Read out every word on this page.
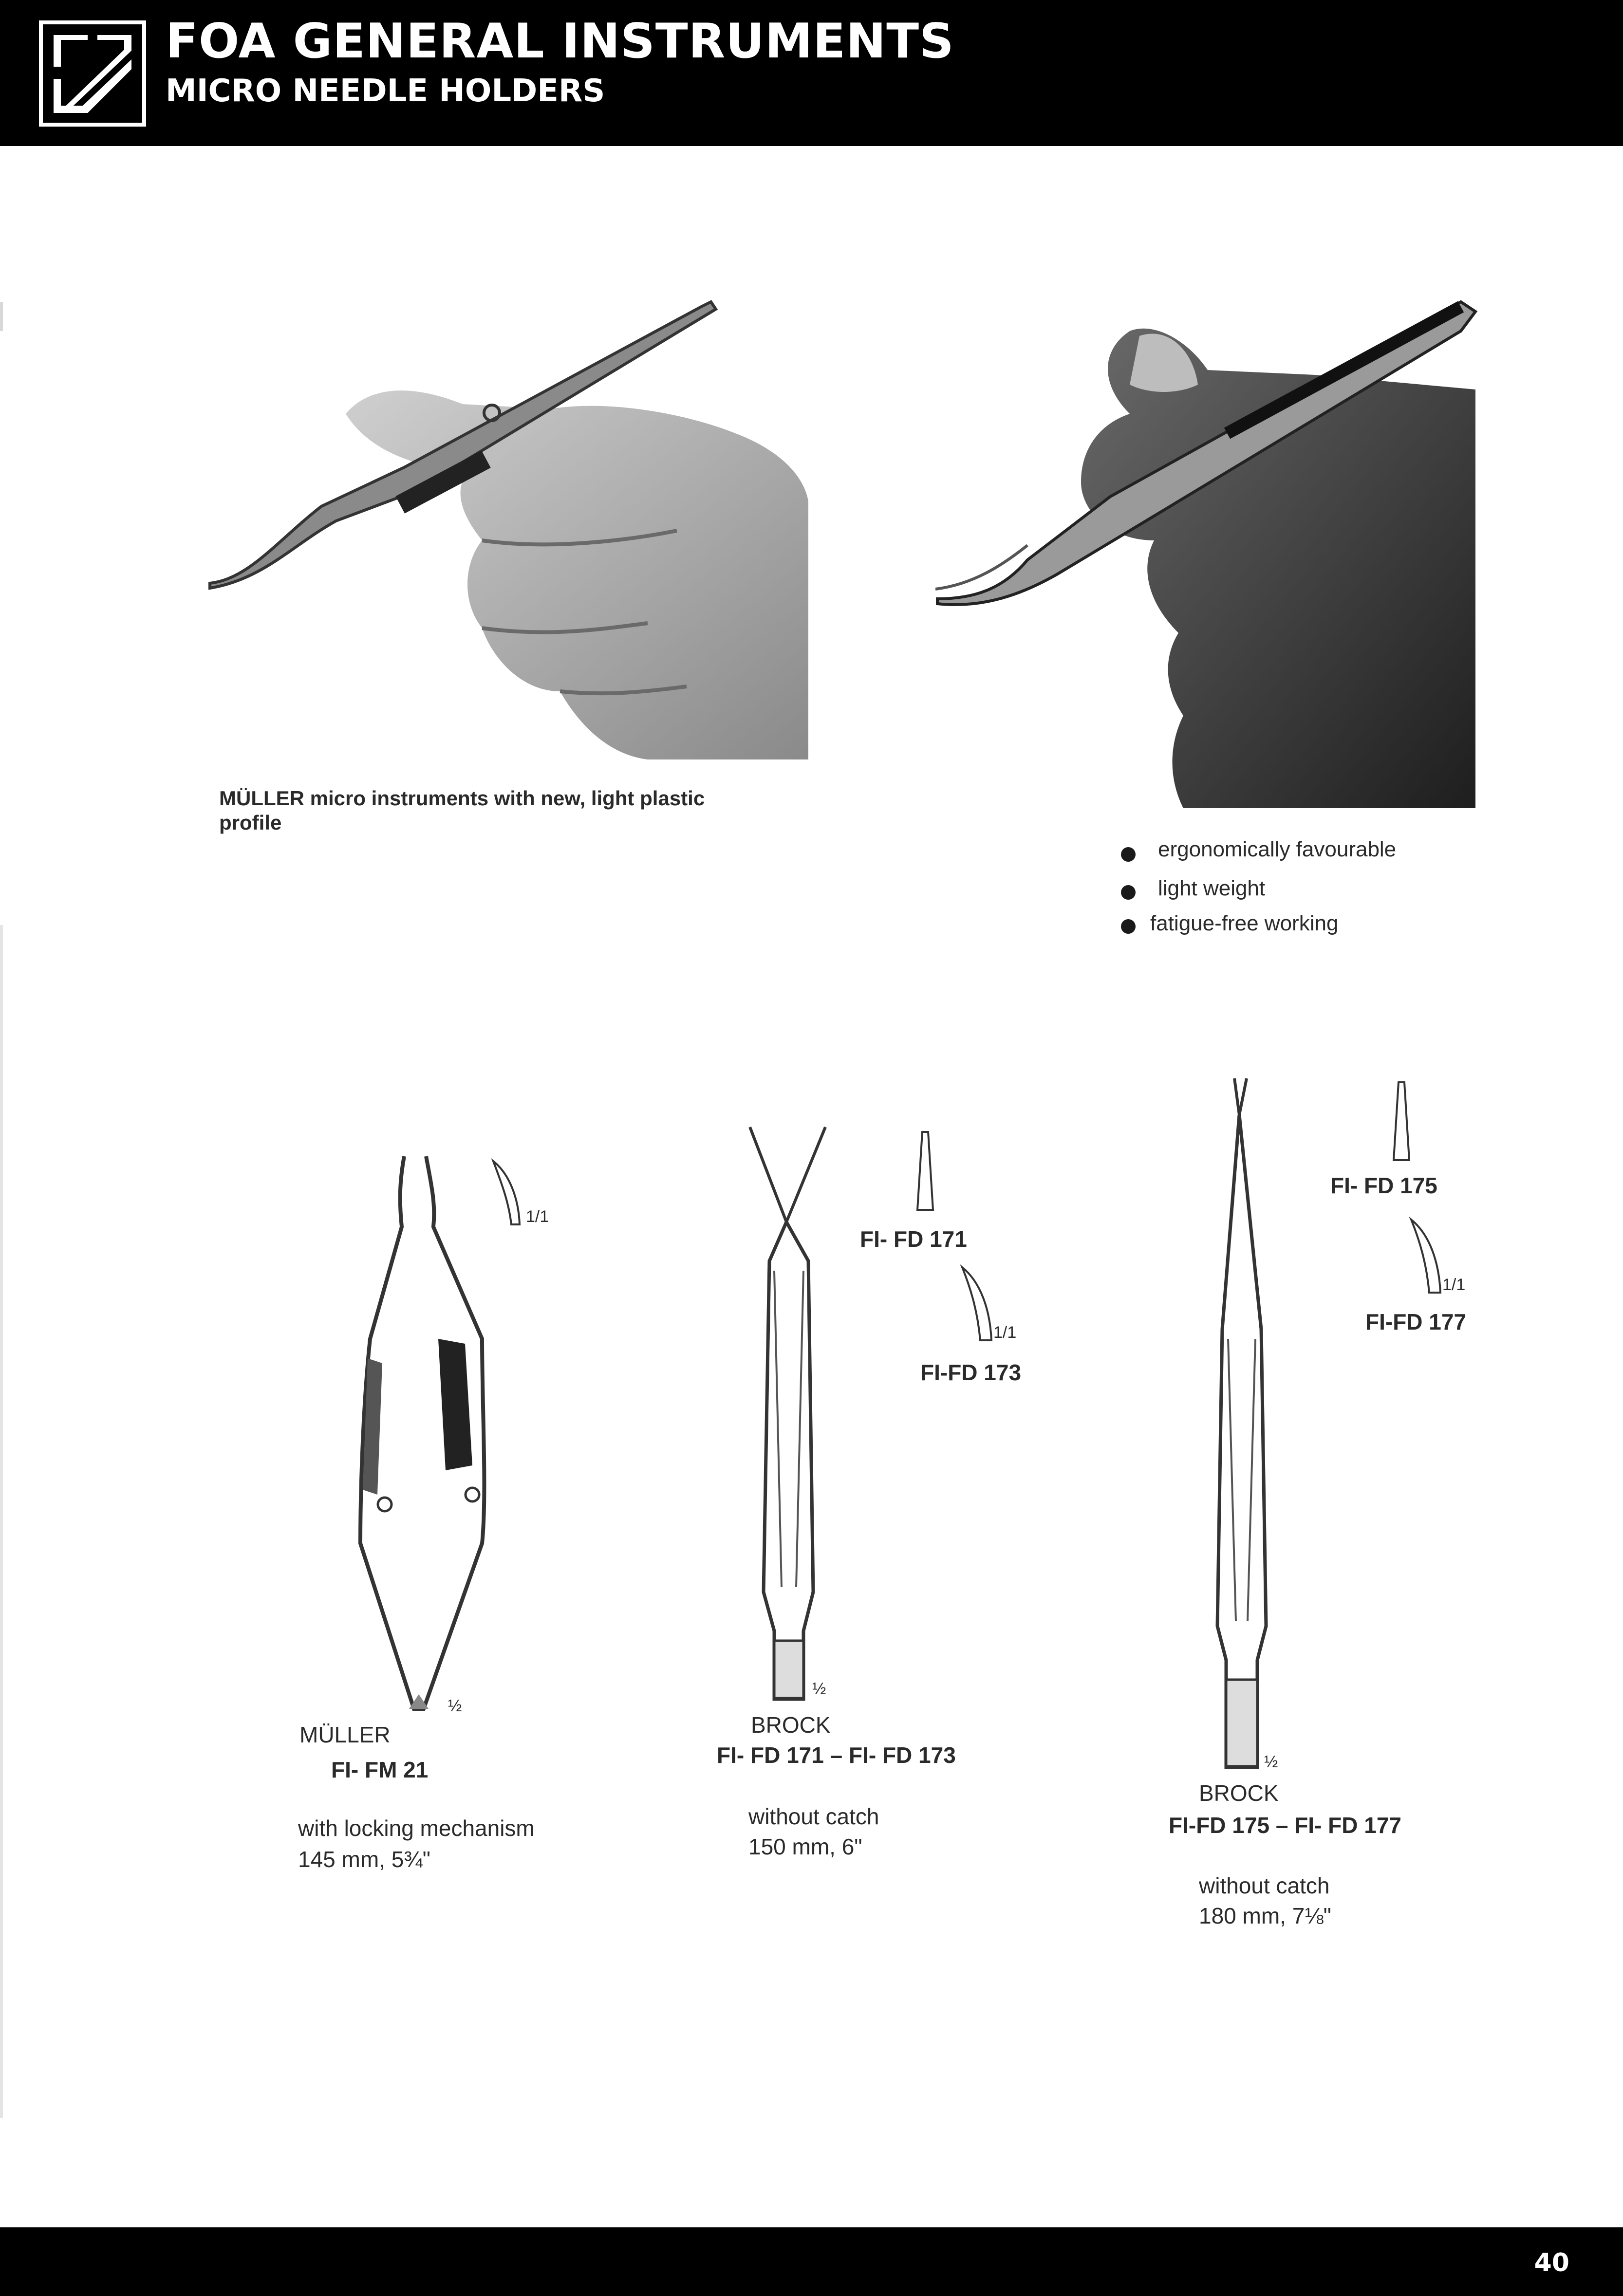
FOA GENERAL INSTRUMENTS
MICRO NEEDLE HOLDERS
MÜLLER micro instruments with new, light plastic profile
ergonomically favourable
light weight
fatigue-free working
1/1
½
MÜLLER
FI- FM 21
with locking mechanism
145 mm, 5¾"
½
FI- FD 171
1/1
FI-FD 173
BROCK
FI- FD 171 – FI- FD 173
without catch
150 mm, 6"
½
FI- FD 175
1/1
FI-FD 177
BROCK
FI-FD 175 – FI- FD 177
without catch
180 mm, 7⅛"
40
